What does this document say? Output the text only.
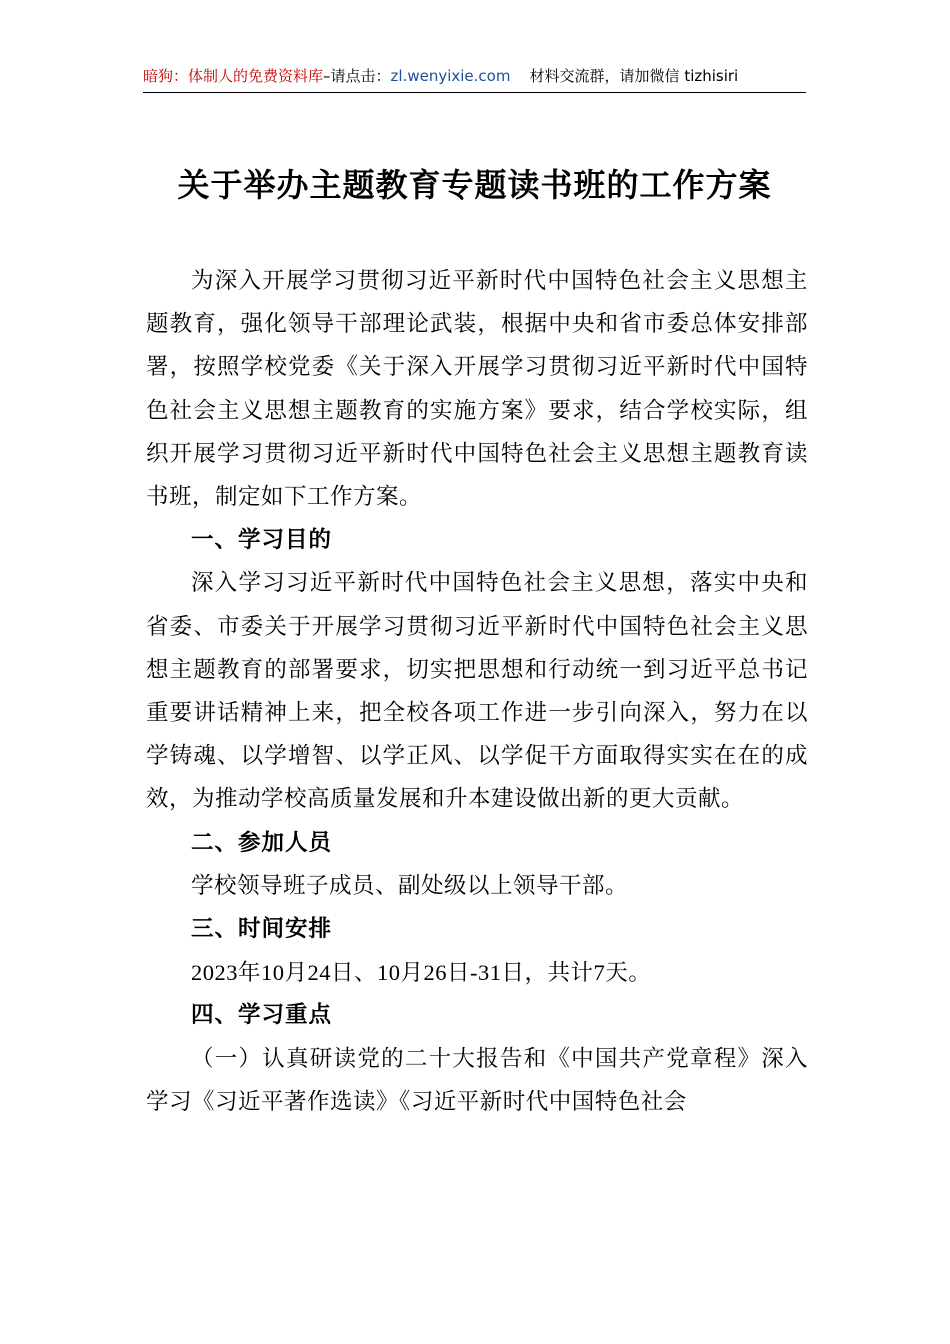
暗狗：体制人的免费资料库–请点击：zl.wenyixie.com 材料交流群，请加微信 tizhisiri
关于举办主题教育专题读书班的工作方案

为深入开展学习贯彻习近平新时代中国特色社会主义思想主题教育，强化领导干部理论武装，根据中央和省市委总体安排部署，按照学校党委《关于深入开展学习贯彻习近平新时代中国特色社会主义思想主题教育的实施方案》要求，结合学校实际，组织开展学习贯彻习近平新时代中国特色社会主义思想主题教育读书班，制定如下工作方案。

一、学习目的

深入学习习近平新时代中国特色社会主义思想，落实中央和省委、市委关于开展学习贯彻习近平新时代中国特色社会主义思想主题教育的部署要求，切实把思想和行动统一到习近平总书记重要讲话精神上来，把全校各项工作进一步引向深入，努力在以学铸魂、以学增智、以学正风、以学促干方面取得实实在在的成效，为推动学校高质量发展和升本建设做出新的更大贡献。

二、参加人员

学校领导班子成员、副处级以上领导干部。

三、时间安排

2023年10月24日、10月26日-31日，共计7天。

四、学习重点

（一）认真研读党的二十大报告和《中国共产党章程》深入学习《习近平著作选读》《习近平新时代中国特色社会
